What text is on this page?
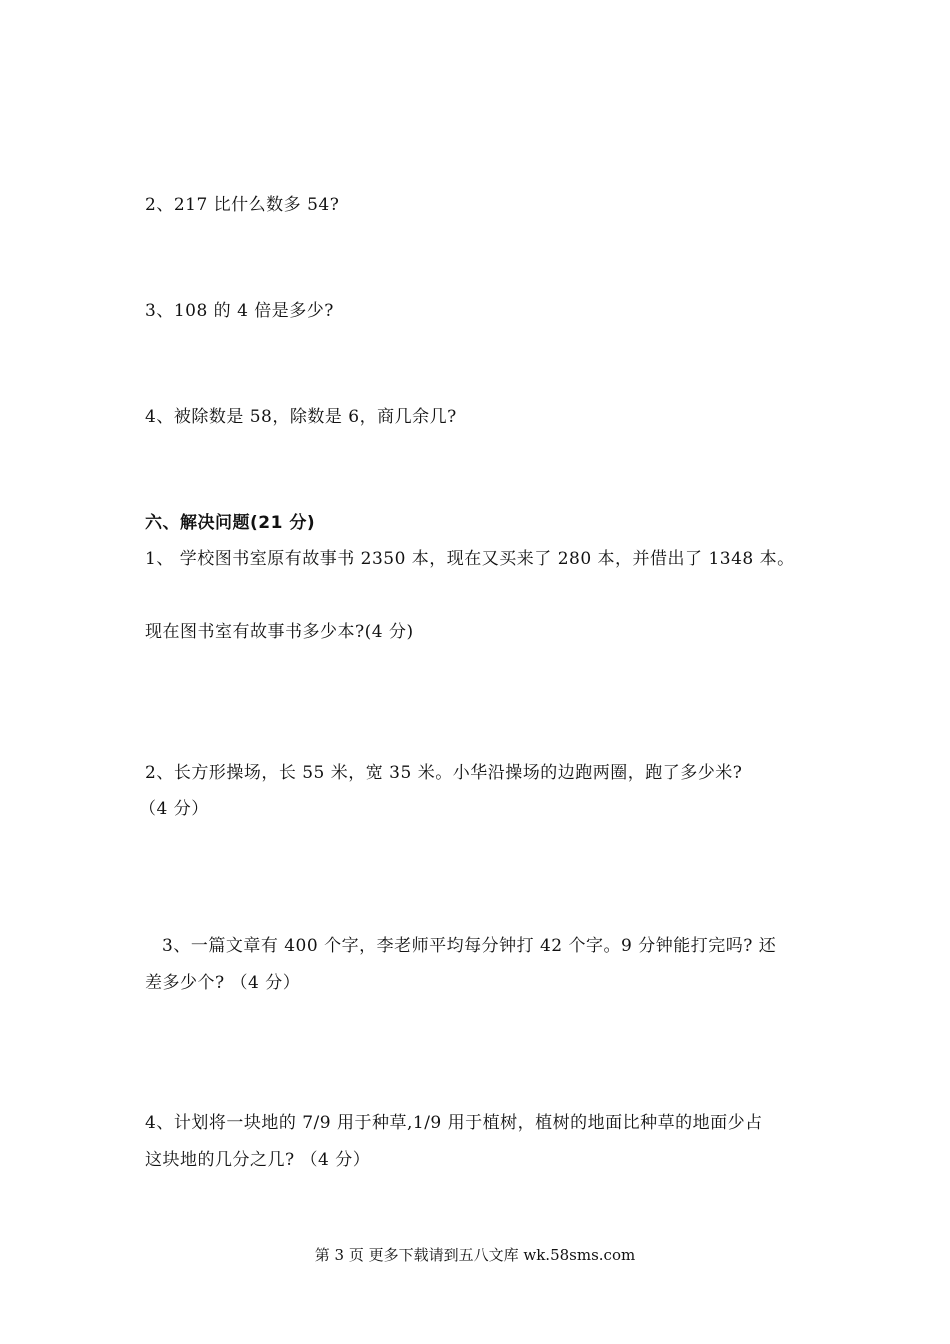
2、217 比什么数多 54?
3、108 的 4 倍是多少?
4、被除数是 58，除数是 6，商几余几?
六、解决问题(21 分)
1、 学校图书室原有故事书 2350 本，现在又买来了 280 本，并借出了 1348 本。
现在图书室有故事书多少本?(4 分)
2、长方形操场，长 55 米，宽 35 米。小华沿操场的边跑两圈，跑了多少米?
（4 分）
3、一篇文章有 400 个字，李老师平均每分钟打 42 个字。9 分钟能打完吗? 还
差多少个? （4 分）
4、计划将一块地的 7/9 用于种草,1/9 用于植树，植树的地面比种草的地面少占
这块地的几分之几? （4 分）
第 3 页 更多下载请到五八文库 wk.58sms.com
